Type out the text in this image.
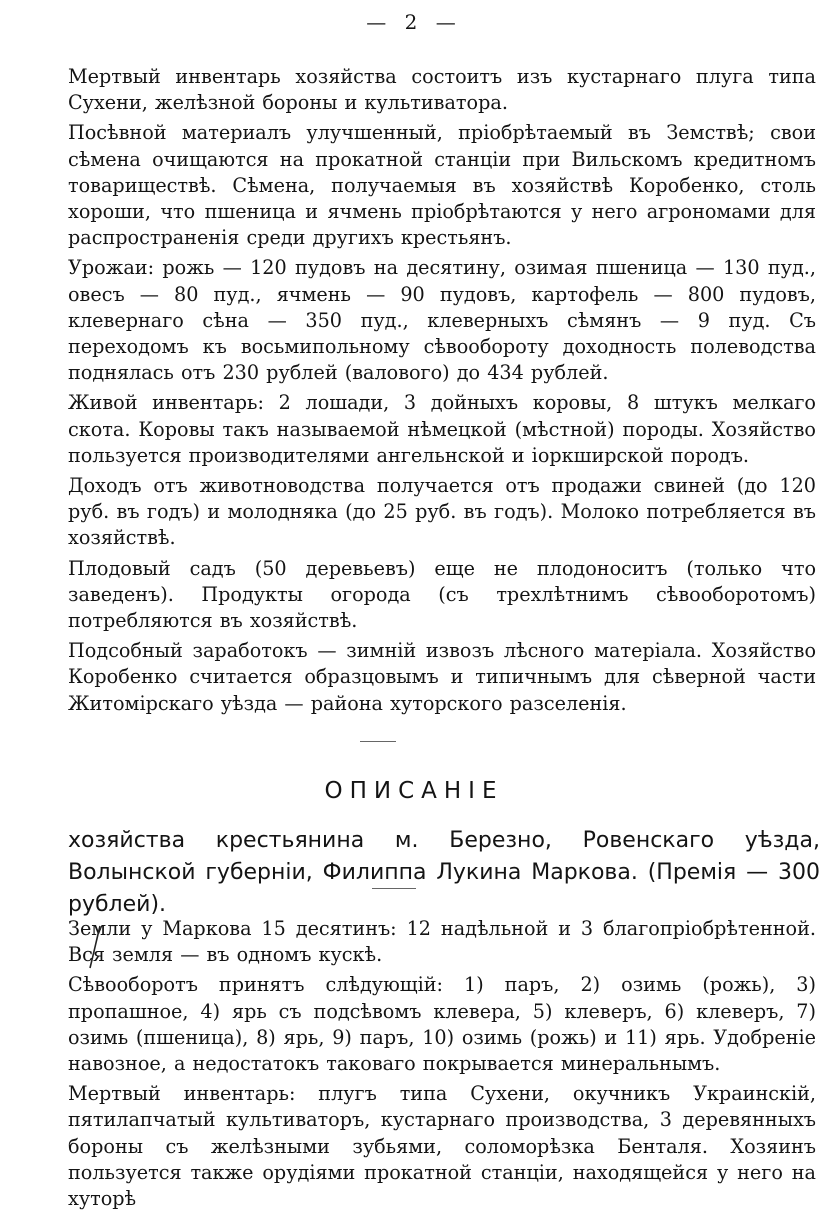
— 2 —

Мертвый инвентарь хозяйства состоитъ изъ кустарнаго плуга типа Сухени, желѣзной бороны и культиватора.

Посѣвной материалъ улучшенный, пріобрѣтаемый въ Земствѣ; свои сѣмена очищаются на прокатной станціи при Вильскомъ кредитномъ товариществѣ. Сѣмена, получаемыя въ хозяйствѣ Коробенко, столь хороши, что пшеница и ячмень пріобрѣтаются у него агрономами для распространенія среди другихъ крестьянъ.

Урожаи: рожь — 120 пудовъ на десятину, озимая пшеница — 130 пуд., овесъ — 80 пуд., ячмень — 90 пудовъ, картофель — 800 пудовъ, клевернаго сѣна — 350 пуд., клеверныхъ сѣмянъ — 9 пуд. Съ переходомъ къ восьмипольному сѣвообороту доходность полеводства поднялась отъ 230 рублей (валового) до 434 рублей.

Живой инвентарь: 2 лошади, 3 дойныхъ коровы, 8 штукъ мелкаго скота. Коровы такъ называемой нѣмецкой (мѣстной) породы. Хозяйство пользуется производителями ангельнской и іоркширской породъ.

Доходъ отъ животноводства получается отъ продажи свиней (до 120 руб. въ годъ) и молодняка (до 25 руб. въ годъ). Молоко потребляется въ хозяйствѣ.

Плодовый садъ (50 деревьевъ) еще не плодоноситъ (только что заведенъ). Продукты огорода (съ трехлѣтнимъ сѣвооборотомъ) потребляются въ хозяйствѣ.

Подсобный заработокъ — зимній извозъ лѣсного матеріала. Хозяйство Коробенко считается образцовымъ и типичнымъ для сѣверной части Житомірскаго уѣзда — района хуторского разселенія.

ОПИСАНІЕ
хозяйства крестьянина м. Березно, Ровенскаго уѣзда, Волынской губерніи, Филиппа Лукина Маркова. (Премія — 300 рублей).

Земли у Маркова 15 десятинъ: 12 надѣльной и 3 благопріобрѣтенной. Вся земля — въ одномъ кускѣ.

Сѣвооборотъ принятъ слѣдующій: 1) паръ, 2) озимь (рожь), 3) пропашное, 4) ярь съ подсѣвомъ клевера, 5) клеверъ, 6) клеверъ, 7) озимь (пшеница), 8) ярь, 9) паръ, 10) озимь (рожь) и 11) ярь. Удобреніе навозное, а недостатокъ таковаго покрывается минеральнымъ.

Мертвый инвентарь: плугъ типа Сухени, окучникъ Украинскій, пятилапчатый культиваторъ, кустарнаго производства, 3 деревянныхъ бороны съ желѣзными зубьями, соломорѣзка Бенталя. Хозяинъ пользуется также орудіями прокатной станціи, находящейся у него на хуторѣ
